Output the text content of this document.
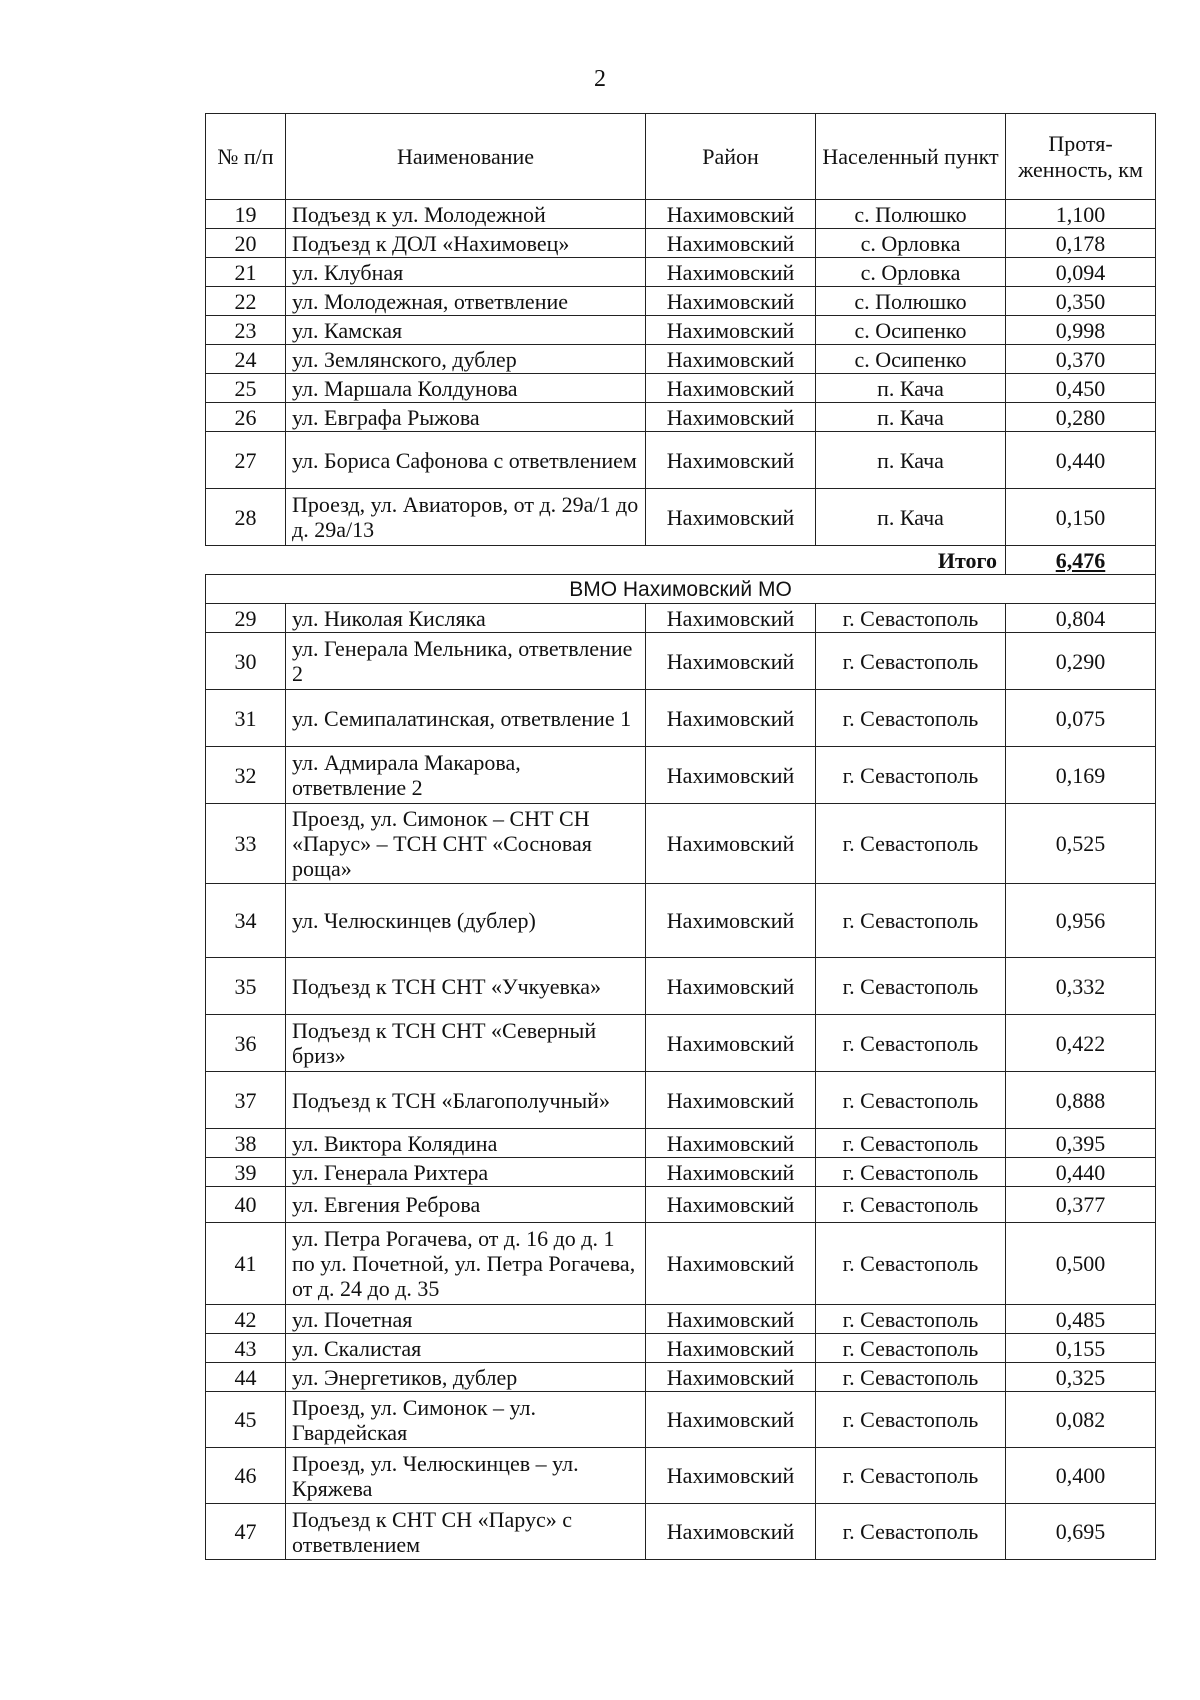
2
№ п/п	Наименование	Район	Населенный пункт	Протя-женность, км
19	Подъезд к ул. Молодежной	Нахимовский	с. Полюшко	1,100
20	Подъезд к ДОЛ «Нахимовец»	Нахимовский	с. Орловка	0,178
21	ул. Клубная	Нахимовский	с. Орловка	0,094
22	ул. Молодежная, ответвление	Нахимовский	с. Полюшко	0,350
23	ул. Камская	Нахимовский	с. Осипенко	0,998
24	ул. Землянского, дублер	Нахимовский	с. Осипенко	0,370
25	ул. Маршала Колдунова	Нахимовский	п. Кача	0,450
26	ул. Евграфа Рыжова	Нахимовский	п. Кача	0,280
27	ул. Бориса Сафонова с ответвлением	Нахимовский	п. Кача	0,440
28	Проезд, ул. Авиаторов, от д. 29а/1 до д. 29а/13	Нахимовский	п. Кача	0,150
Итого				6,476
ВМО Нахимовский МО				
29	ул. Николая Кисляка	Нахимовский	г. Севастополь	0,804
30	ул. Генерала Мельника, ответвление 2	Нахимовский	г. Севастополь	0,290
31	ул. Семипалатинская, ответвление 1	Нахимовский	г. Севастополь	0,075
32	ул. Адмирала Макарова, ответвление 2	Нахимовский	г. Севастополь	0,169
33	Проезд, ул. Симонок – СНТ СН «Парус» – ТСН СНТ «Сосновая роща»	Нахимовский	г. Севастополь	0,525
34	ул. Челюскинцев (дублер)	Нахимовский	г. Севастополь	0,956
35	Подъезд к ТСН СНТ «Учкуевка»	Нахимовский	г. Севастополь	0,332
36	Подъезд к ТСН СНТ «Северный бриз»	Нахимовский	г. Севастополь	0,422
37	Подъезд к ТСН «Благополучный»	Нахимовский	г. Севастополь	0,888
38	ул. Виктора Колядина	Нахимовский	г. Севастополь	0,395
39	ул. Генерала Рихтера	Нахимовский	г. Севастополь	0,440
40	ул. Евгения Реброва	Нахимовский	г. Севастополь	0,377
41	ул. Петра Рогачева, от д. 16 до д. 1 по ул. Почетной, ул. Петра Рогачева, от д. 24 до д. 35	Нахимовский	г. Севастополь	0,500
42	ул. Почетная	Нахимовский	г. Севастополь	0,485
43	ул. Скалистая	Нахимовский	г. Севастополь	0,155
44	ул. Энергетиков, дублер	Нахимовский	г. Севастополь	0,325
45	Проезд, ул. Симонок – ул. Гвардейская	Нахимовский	г. Севастополь	0,082
46	Проезд, ул. Челюскинцев – ул. Кряжева	Нахимовский	г. Севастополь	0,400
47	Подъезд к СНТ СН «Парус» с ответвлением	Нахимовский	г. Севастополь	0,695
